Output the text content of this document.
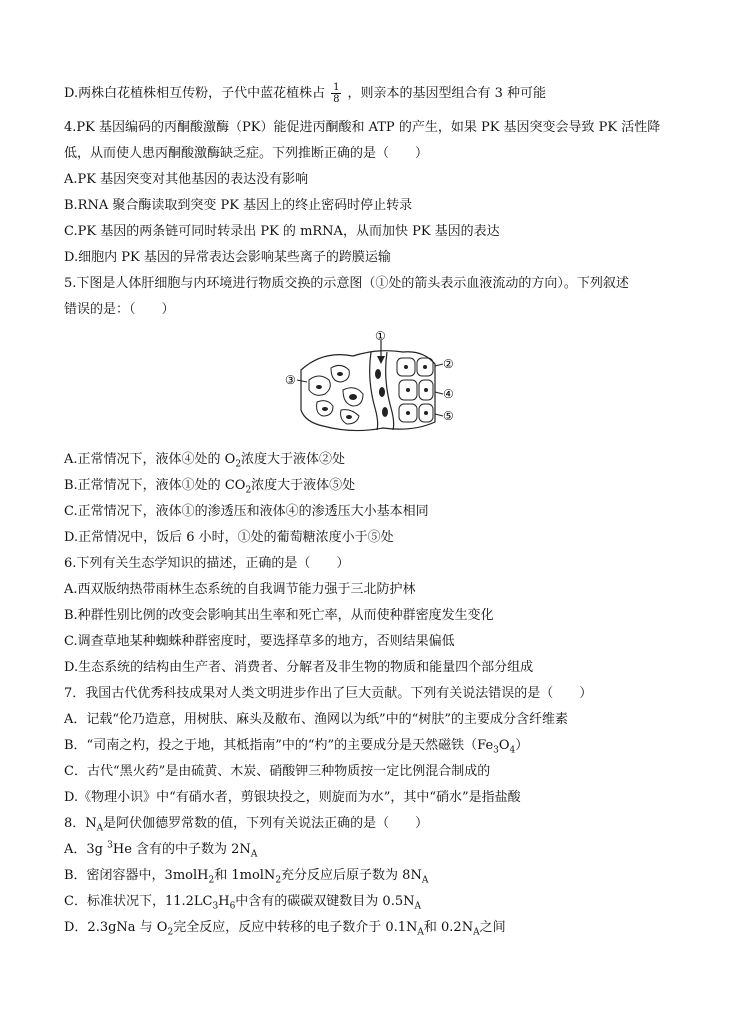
D.两株白花植株相互传粉，子代中蓝花植株占 $\frac{1}{8}$ ，则亲本的基因型组合有 3 种可能
4.PK 基因编码的丙酮酸激酶（PK）能促进丙酮酸和 ATP 的产生，如果 PK 基因突变会导致 PK 活性降
低，从而使人患丙酮酸激酶缺乏症。下列推断正确的是（　　）
A.PK 基因突变对其他基因的表达没有影响
B.RNA 聚合酶读取到突变 PK 基因上的终止密码时停止转录
C.PK 基因的两条链可同时转录出 PK 的 mRNA，从而加快 PK 基因的表达
D.细胞内 PK 基因的异常表达会影响某些离子的跨膜运输
5.下图是人体肝细胞与内环境进行物质交换的示意图（①处的箭头表示血液流动的方向）。下列叙述
错误的是：（　　）
①
②
③
④
⑤
A.正常情况下，液体④处的 $O_2$浓度大于液体②处
B.正常情况下，液体①处的 $CO_2$浓度大于液体⑤处
C.正常情况下，液体①的渗透压和液体④的渗透压大小基本相同
D.正常情况中，饭后 6 小时，①处的葡萄糖浓度小于⑤处
6.下列有关生态学知识的描述，正确的是（　　）
A.西双版纳热带雨林生态系统的自我调节能力强于三北防护林
B.种群性别比例的改变会影响其出生率和死亡率，从而使种群密度发生变化
C.调查草地某种蜘蛛种群密度时，要选择草多的地方，否则结果偏低
D.生态系统的结构由生产者、消费者、分解者及非生物的物质和能量四个部分组成
7．我国古代优秀科技成果对人类文明进步作出了巨大贡献。下列有关说法错误的是（　　）
A．记载“伦乃造意，用树肤、麻头及敝布、渔网以为纸”中的“树肤”的主要成分含纤维素
B．“司南之杓，投之于地，其柢指南”中的“杓”的主要成分是天然磁铁$(Fe_3O_4)$
C．古代“黑火药”是由硫黄、木炭、硝酸钾三种物质按一定比例混合制成的
D.《物理小识》中“有硝水者，剪银块投之，则旋而为水”，其中“硝水”是指盐酸
8．$N_A$是阿伏伽德罗常数的值，下列有关说法正确的是（　　）
A．3g $^3$He 含有的中子数为 $2N_A$
B．密闭容器中，3molH$_2$和 1molN$_2$充分反应后原子数为 $8N_A$
C．标准状况下，$11.2LC_3H_6$中含有的碳碳双键数目为 $0.5N_A$
D．2.3gNa 与 $O_2$完全反应，反应中转移的电子数介于 $0.1N_A$和 $0.2N_A$之间
